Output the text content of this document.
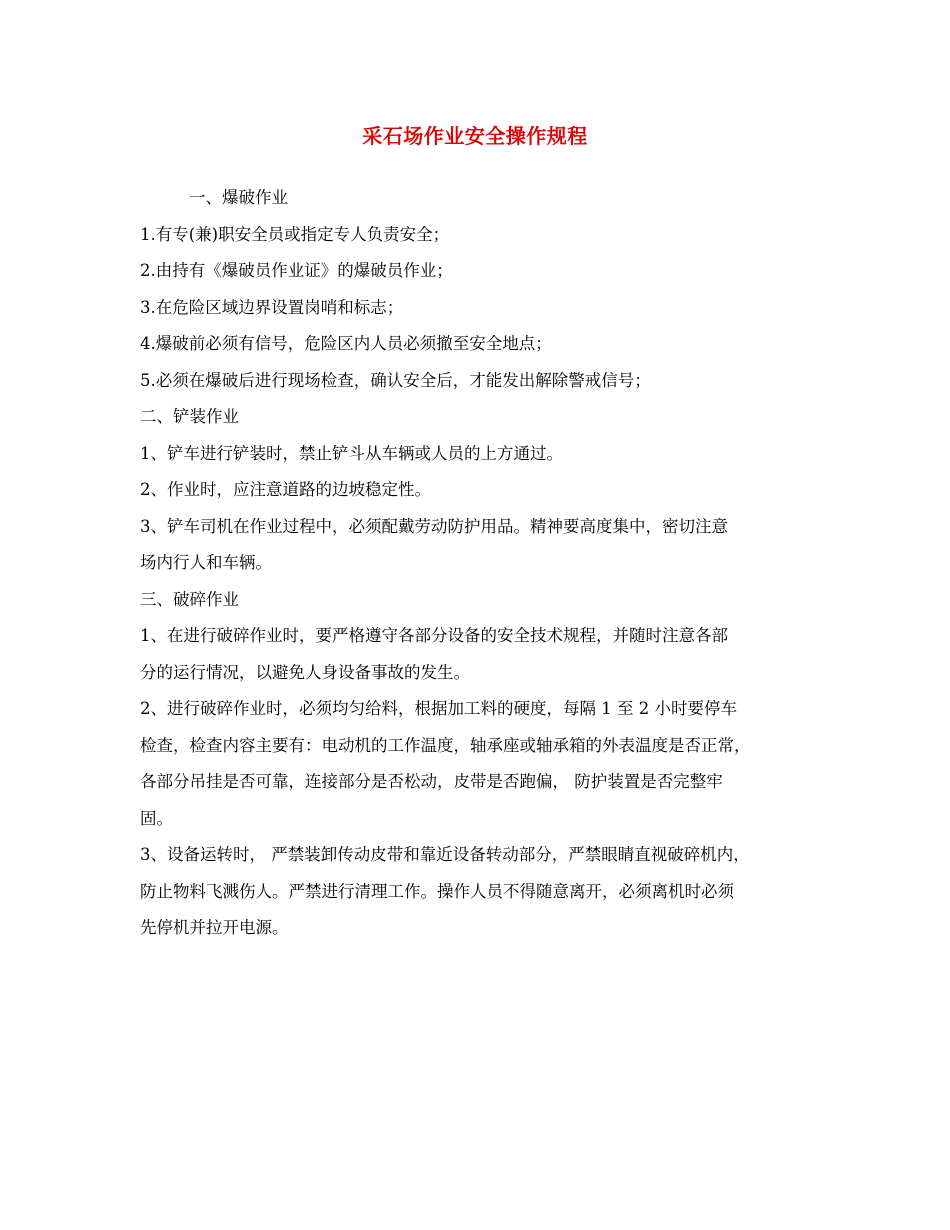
采石场作业安全操作规程
一、爆破作业
1.有专(兼)职安全员或指定专人负责安全；
2.由持有《爆破员作业证》的爆破员作业；
3.在危险区域边界设置岗哨和标志；
4.爆破前必须有信号，危险区内人员必须撤至安全地点；
5.必须在爆破后进行现场检查，确认安全后，才能发出解除警戒信号；
二、铲装作业
1、铲车进行铲装时，禁止铲斗从车辆或人员的上方通过。
2、作业时，应注意道路的边坡稳定性。
3、铲车司机在作业过程中，必须配戴劳动防护用品。精神要高度集中，密切注意
场内行人和车辆。
三、破碎作业
1、在进行破碎作业时，要严格遵守各部分设备的安全技术规程，并随时注意各部
分的运行情况，以避免人身设备事故的发生。
2、进行破碎作业时，必须均匀给料，根据加工料的硬度，每隔 1 至 2 小时要停车
检查，检查内容主要有：电动机的工作温度，轴承座或轴承箱的外表温度是否正常，
各部分吊挂是否可靠，连接部分是否松动，皮带是否跑偏， 防护装置是否完整牢
固。
3、设备运转时， 严禁装卸传动皮带和靠近设备转动部分，严禁眼睛直视破碎机内，
防止物料飞溅伤人。严禁进行清理工作。操作人员不得随意离开，必须离机时必须
先停机并拉开电源。
